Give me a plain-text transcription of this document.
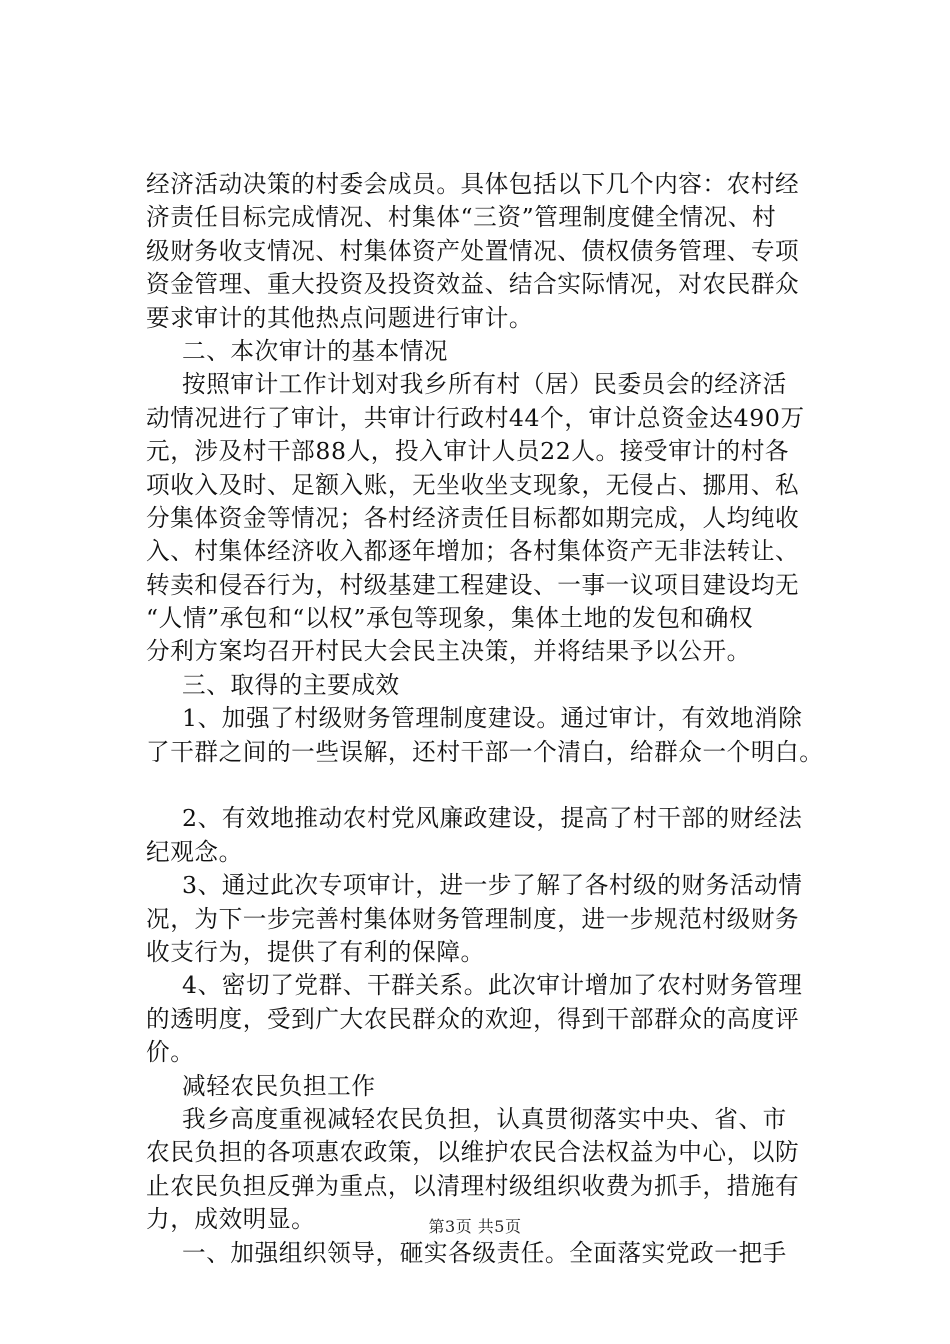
经济活动决策的村委会成员。具体包括以下几个内容：农村经
济责任目标完成情况、村集体“三资”管理制度健全情况、村
级财务收支情况、村集体资产处置情况、债权债务管理、专项
资金管理、重大投资及投资效益、结合实际情况，对农民群众
要求审计的其他热点问题进行审计。
二、本次审计的基本情况
按照审计工作计划对我乡所有村（居）民委员会的经济活
动情况进行了审计，共审计行政村44个，审计总资金达490万
元，涉及村干部88人，投入审计人员22人。接受审计的村各
项收入及时、足额入账，无坐收坐支现象，无侵占、挪用、私
分集体资金等情况；各村经济责任目标都如期完成，人均纯收
入、村集体经济收入都逐年增加；各村集体资产无非法转让、
转卖和侵吞行为，村级基建工程建设、一事一议项目建设均无
“人情”承包和“以权”承包等现象，集体土地的发包和确权
分利方案均召开村民大会民主决策，并将结果予以公开。
三、取得的主要成效
1、加强了村级财务管理制度建设。通过审计，有效地消除
了干群之间的一些误解，还村干部一个清白，给群众一个明白。
2、有效地推动农村党风廉政建设，提高了村干部的财经法
纪观念。
3、通过此次专项审计，进一步了解了各村级的财务活动情
况，为下一步完善村集体财务管理制度，进一步规范村级财务
收支行为，提供了有利的保障。
4、密切了党群、干群关系。此次审计增加了农村财务管理
的透明度，受到广大农民群众的欢迎，得到干部群众的高度评
价。
减轻农民负担工作
我乡高度重视减轻农民负担，认真贯彻落实中央、省、市
农民负担的各项惠农政策，以维护农民合法权益为中心，以防
止农民负担反弹为重点，以清理村级组织收费为抓手，措施有
力，成效明显。
一、加强组织领导，砸实各级责任。全面落实党政一把手
第3页 共5页
